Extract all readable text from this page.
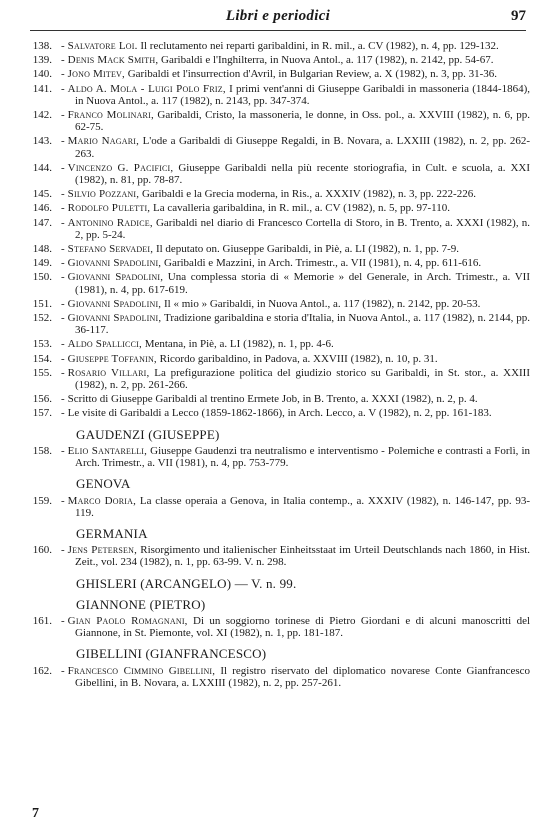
Libri e periodici	97
138. - Salvatore Loi. Il reclutamento nei reparti garibaldini, in R. mil., a. CV (1982), n. 4, pp. 129-132.
139. - Denis Mack Smith, Garibaldi e l'Inghilterra, in Nuova Antol., a. 117 (1982), n. 2142, pp. 54-67.
140. - Jono Mitev, Garibaldi et l'insurrection d'Avril, in Bulgarian Review, a. X (1982), n. 3, pp. 31-36.
141. - Aldo A. Mola - Luigi Polo Friz, I primi vent'anni di Giuseppe Garibaldi in massoneria (1844-1864), in Nuova Antol., a. 117 (1982), n. 2143, pp. 347-374.
142. - Franco Molinari, Garibaldi, Cristo, la massoneria, le donne, in Oss. pol., a. XXVIII (1982), n. 6, pp. 62-75.
143. - Mario Nagari, L'ode a Garibaldi di Giuseppe Regaldi, in B. Novara, a. LXXIII (1982), n. 2, pp. 262-263.
144. - Vincenzo G. Pacifici, Giuseppe Garibaldi nella più recente storiografia, in Cult. e scuola, a. XXI (1982), n. 81, pp. 78-87.
145. - Silvio Pozzani, Garibaldi e la Grecia moderna, in Ris., a. XXXIV (1982), n. 3, pp. 222-226.
146. - Rodolfo Puletti, La cavalleria garibaldina, in R. mil., a. CV (1982), n. 5, pp. 97-110.
147. - Antonino Radice, Garibaldi nel diario di Francesco Cortella di Storo, in B. Trento, a. XXXI (1982), n. 2, pp. 5-24.
148. - Stefano Servadei, Il deputato on. Giuseppe Garibaldi, in Piè, a. LI (1982), n. 1, pp. 7-9.
149. - Giovanni Spadolini, Garibaldi e Mazzini, in Arch. Trimestr., a. VII (1981), n. 4, pp. 611-616.
150. - Giovanni Spadolini, Una complessa storia di « Memorie » del Generale, in Arch. Trimestr., a. VII (1981), n. 4, pp. 617-619.
151. - Giovanni Spadolini, Il « mio » Garibaldi, in Nuova Antol., a. 117 (1982), n. 2142, pp. 20-53.
152. - Giovanni Spadolini, Tradizione garibaldina e storia d'Italia, in Nuova Antol., a. 117 (1982), n. 2144, pp. 36-117.
153. - Aldo Spallicci, Mentana, in Piè, a. LI (1982), n. 1, pp. 4-6.
154. - Giuseppe Toffanin, Ricordo garibaldino, in Padova, a. XXVIII (1982), n. 10, p. 31.
155. - Rosario Villari, La prefigurazione politica del giudizio storico su Garibaldi, in St. stor., a. XXIII (1982), n. 2, pp. 261-266.
156. - Scritto di Giuseppe Garibaldi al trentino Ermete Job, in B. Trento, a. XXXI (1982), n. 2, p. 4.
157. - Le visite di Garibaldi a Lecco (1859-1862-1866), in Arch. Lecco, a. V (1982), n. 2, pp. 161-183.
GAUDENZI (GIUSEPPE)
158. - Elio Santarelli, Giuseppe Gaudenzi tra neutralismo e interventismo - Polemiche e contrasti a Forlì, in Arch. Trimestr., a. VII (1981), n. 4, pp. 753-779.
GENOVA
159. - Marco Doria, La classe operaia a Genova, in Italia contemp., a. XXXIV (1982), n. 146-147, pp. 93-119.
GERMANIA
160. - Jens Petersen, Risorgimento und italienischer Einheitsstaat im Urteil Deutschlands nach 1860, in Hist. Zeit., vol. 234 (1982), n. 1, pp. 63-99. V. n. 298.
GHISLERI (ARCANGELO) — V. n. 99.
GIANNONE (PIETRO)
161. - Gian Paolo Romagnani, Di un soggiorno torinese di Pietro Giordani e di alcuni manoscritti del Giannone, in St. Piemonte, vol. XI (1982), n. 1, pp. 181-187.
GIBELLINI (GIANFRANCESCO)
162. - Francesco Cimmino Gibellini, Il registro riservato del diplomatico novarese Conte Gianfrancesco Gibellini, in B. Novara, a. LXXIII (1982), n. 2, pp. 257-261.
7
